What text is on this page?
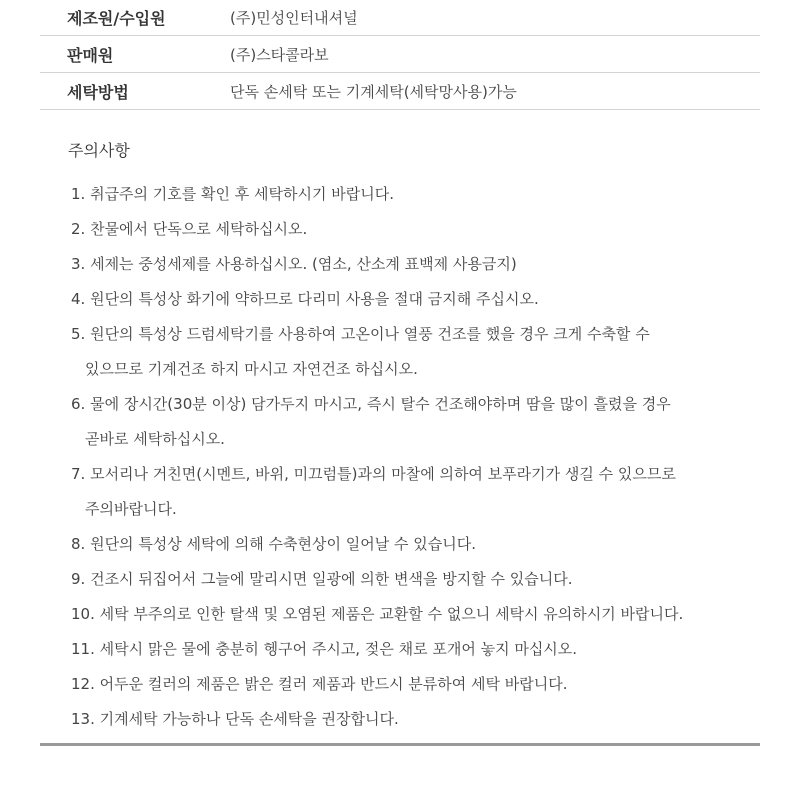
제조원/수입원	(주)민성인터내셔널
판매원	(주)스타콜라보
세탁방법	단독 손세탁 또는 기계세탁(세탁망사용)가능
주의사항
1. 취급주의 기호를 확인 후 세탁하시기 바랍니다.
2. 찬물에서 단독으로 세탁하십시오.
3. 세제는 중성세제를 사용하십시오. (염소, 산소계 표백제 사용금지)
4. 원단의 특성상 화기에 약하므로 다리미 사용을 절대 금지해 주십시오.
5. 원단의 특성상 드럼세탁기를 사용하여 고온이나 열풍 건조를 했을 경우 크게 수축할 수
있으므로 기계건조 하지 마시고 자연건조 하십시오.
6. 물에 장시간(30분 이상) 담가두지 마시고, 즉시 탈수 건조해야하며 땀을 많이 흘렸을 경우
곧바로 세탁하십시오.
7. 모서리나 거친면(시멘트, 바위, 미끄럼틀)과의 마찰에 의하여 보푸라기가 생길 수 있으므로
주의바랍니다.
8. 원단의 특성상 세탁에 의해 수축현상이 일어날 수 있습니다.
9. 건조시 뒤집어서 그늘에 말리시면 일광에 의한 변색을 방지할 수 있습니다.
10. 세탁 부주의로 인한 탈색 및 오염된 제품은 교환할 수 없으니 세탁시 유의하시기 바랍니다.
11. 세탁시 맑은 물에 충분히 헹구어 주시고, 젖은 채로 포개어 놓지 마십시오.
12. 어두운 컬러의 제품은 밝은 컬러 제품과 반드시 분류하여 세탁 바랍니다.
13. 기계세탁 가능하나 단독 손세탁을 권장합니다.
